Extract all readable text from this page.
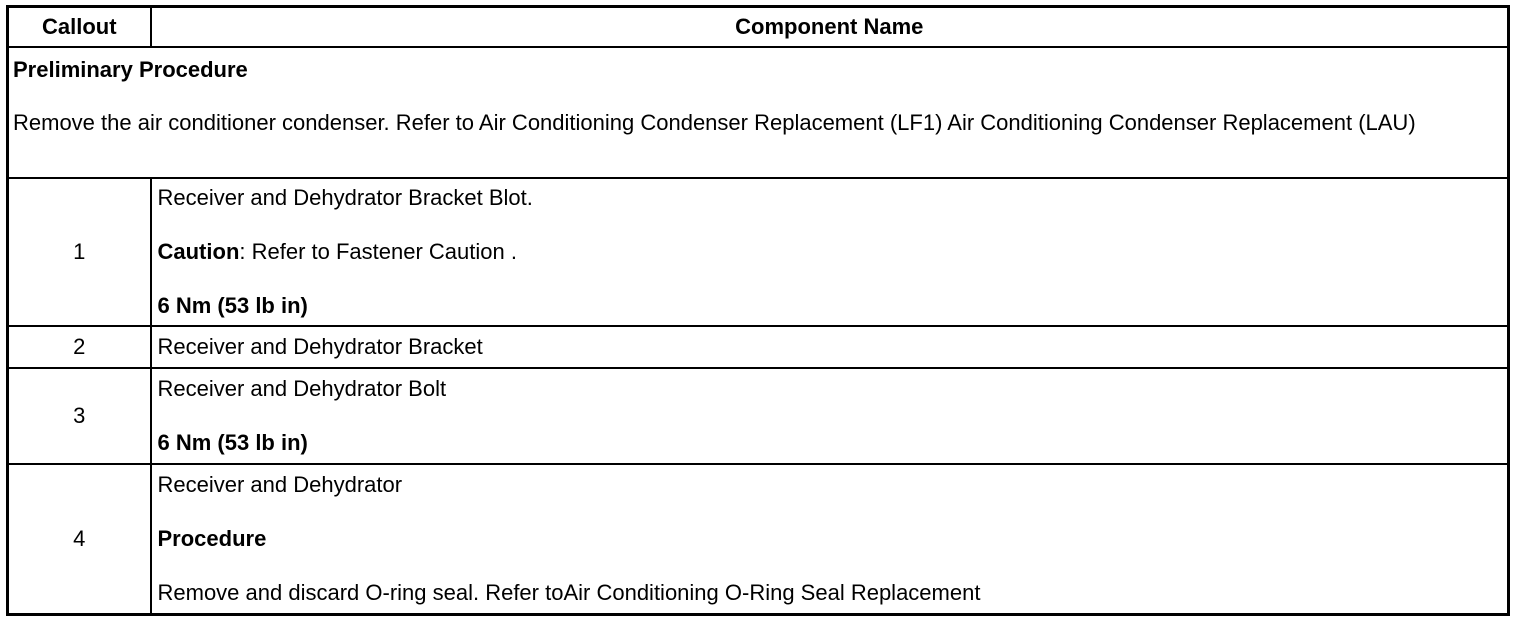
Callout	Component Name

Preliminary Procedure
Remove the air conditioner condenser. Refer to Air Conditioning Condenser Replacement (LF1) Air Conditioning Condenser Replacement (LAU)	

1	Receiver and Dehydrator Bracket Blot.
Caution: Refer to Fastener Caution .
6 Nm (53 lb in)

2	Receiver and Dehydrator Bracket

3	Receiver and Dehydrator Bolt
6 Nm (53 lb in)

4	Receiver and Dehydrator
Procedure
Remove and discard O-ring seal. Refer toAir Conditioning O-Ring Seal Replacement
